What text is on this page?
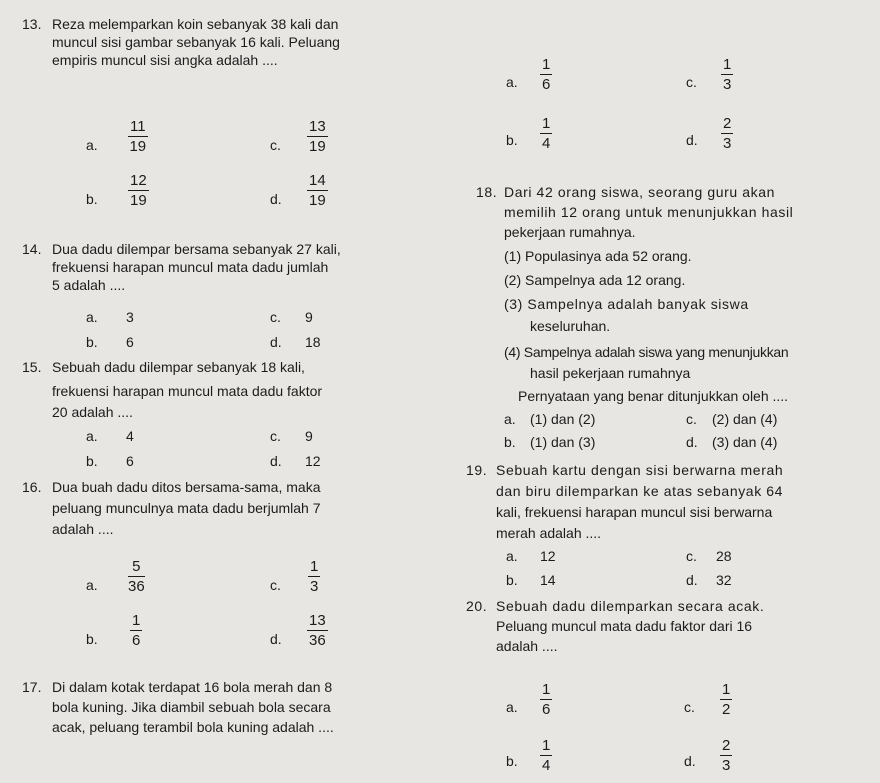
13. Reza melemparkan koin sebanyak 38 kali dan
muncul sisi gambar sebanyak 16 kali. Peluang
empiris muncul sisi angka adalah ....
a.
11
19	c.
13
19
b.
12
19	d.
14
19
14. Dua dadu dilempar bersama sebanyak 27 kali,
frekuensi harapan muncul mata dadu jumlah
5 adalah ....
a. 3	c. 9
b. 6	d. 18
15. Sebuah dadu dilempar sebanyak 18 kali,
frekuensi harapan muncul mata dadu faktor
20 adalah ....
a. 4	c. 9
b. 6	d. 12
16. Dua buah dadu ditos bersama-sama, maka
peluang munculnya mata dadu berjumlah 7
adalah ....
a.
5
36	c.
1
3
b.
1
6	d.
13
36
17. Di dalam kotak terdapat 16 bola merah dan 8
bola kuning. Jika diambil sebuah bola secara
acak, peluang terambil bola kuning adalah ....
a.
1
6	c.
1
3
b.
1
4	d.
2
3
18. Dari 42 orang siswa, seorang guru akan
memilih 12 orang untuk menunjukkan hasil
pekerjaan rumahnya.
(1) Populasinya ada 52 orang.
(2) Sampelnya ada 12 orang.
(3) Sampelnya adalah banyak siswa
keseluruhan.
(4) Sampelnya adalah siswa yang menunjukkan
hasil pekerjaan rumahnya
Pernyataan yang benar ditunjukkan oleh ....
a. (1) dan (2)	c. (2) dan (4)
b. (1) dan (3)	d. (3) dan (4)
19. Sebuah kartu dengan sisi berwarna merah
dan biru dilemparkan ke atas sebanyak 64
kali, frekuensi harapan muncul sisi berwarna
merah adalah ....
a. 12	c. 28
b. 14	d. 32
20. Sebuah dadu dilemparkan secara acak.
Peluang muncul mata dadu faktor dari 16
adalah ....
a.
1
6	c.
1
2
b.
1
4	d.
2
3
